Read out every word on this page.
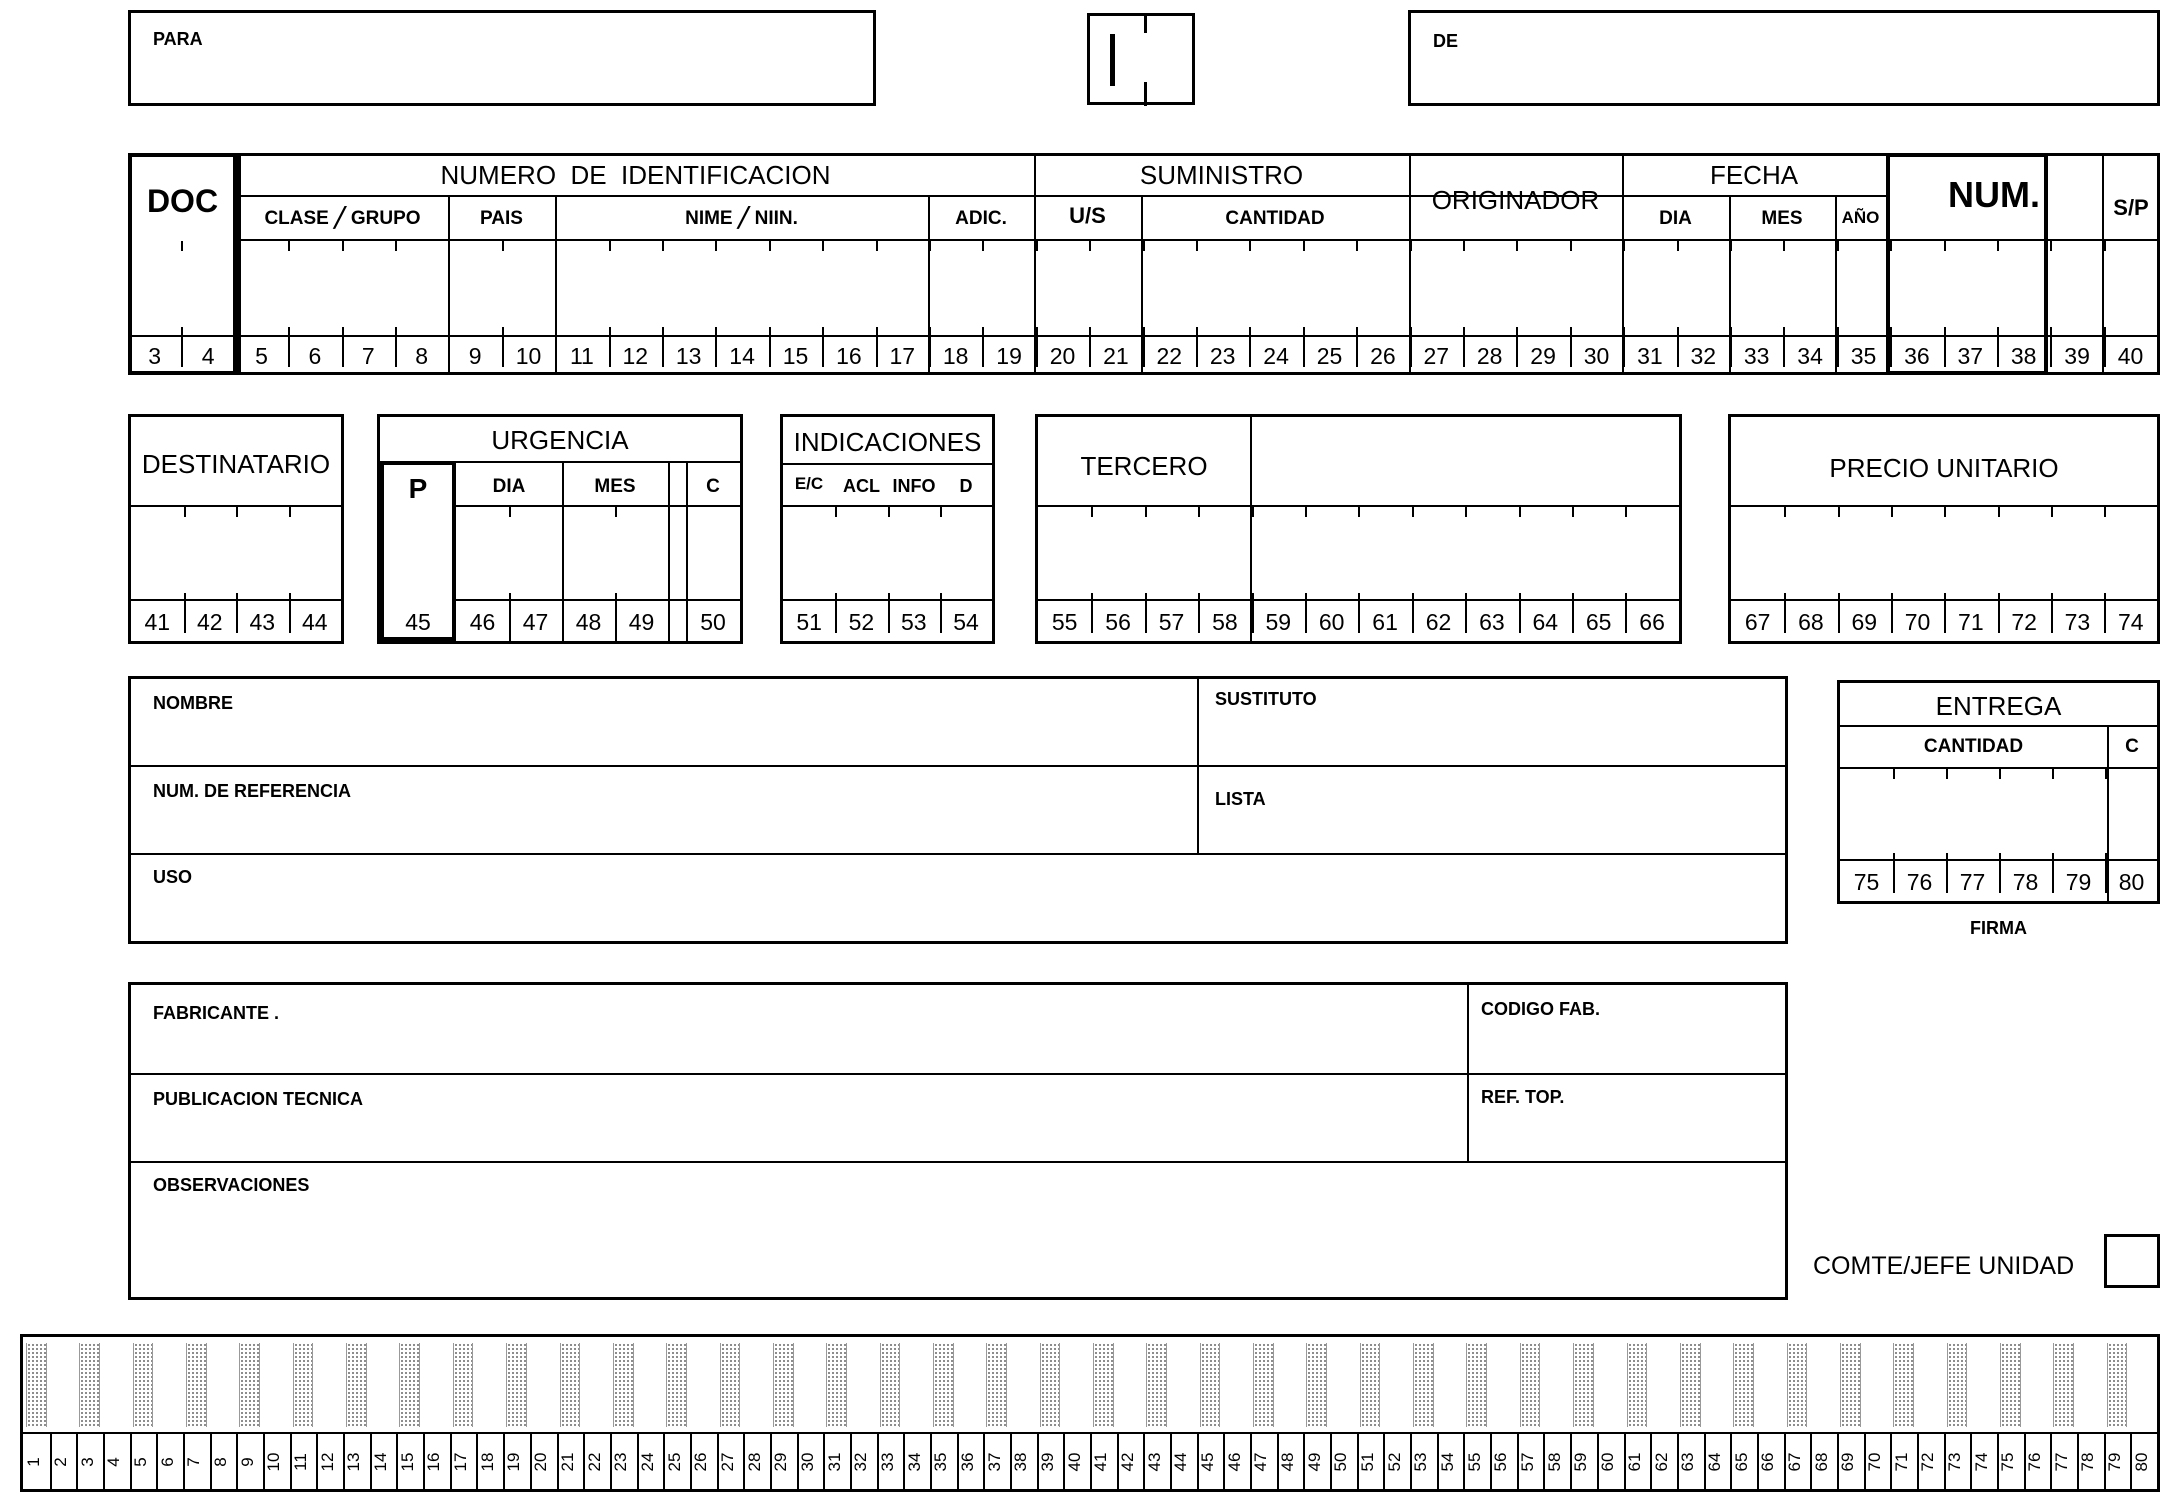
PARA	DE
DOC
NUMERO  DE  IDENTIFICACION
CLASE ╱ GRUPO	PAIS	NIME ╱ NIIN.	ADIC.
SUMINISTRO
U/S	CANTIDAD
ORIGINADOR
FECHA
DIA	MES	AÑO
NUM.	S/P
3	4	5	6	7	8	9	10	11	12	13	14	15	16	17	18	19	20	21	22	23	24	25	26	27	28	29	30	31	32	33	34	35	36	37	38	39	40
DESTINATARIO
41	42	43	44
URGENCIA
P	DIA	MES	C
45	46	47	48	49	50
INDICACIONES
E/C	ACL INFO	D
51	52	53	54
TERCERO
55	56	57	58	59	60	61	62	63	64	65	66
PRECIO UNITARIO
67	68	69	70	71	72	73	74
NOMBRE	SUSTITUTO
NUM. DE REFERENCIA	LISTA
USO
ENTREGA
CANTIDAD	C
75	76	77	78	79	80
FIRMA
FABRICANTE .	CODIGO FAB.
PUBLICACION TECNICA	REF. TOP.
OBSERVACIONES
COMTE/JEFE UNIDAD
1 2 3 4 5 6 7 8 9 10 11 12 13 14 15 16 17 18 19 20 21 22 23 24 25 26 27 28 29 30 31 32 33 34 35 36 37 38 39 40 41 42 43 44 45 46 47 48 49 50 51 52 53 54 55 56 57 58 59 60 61 62 63 64 65 66 67 68 69 70 71 72 73 74 75 76 77 78 79 80
